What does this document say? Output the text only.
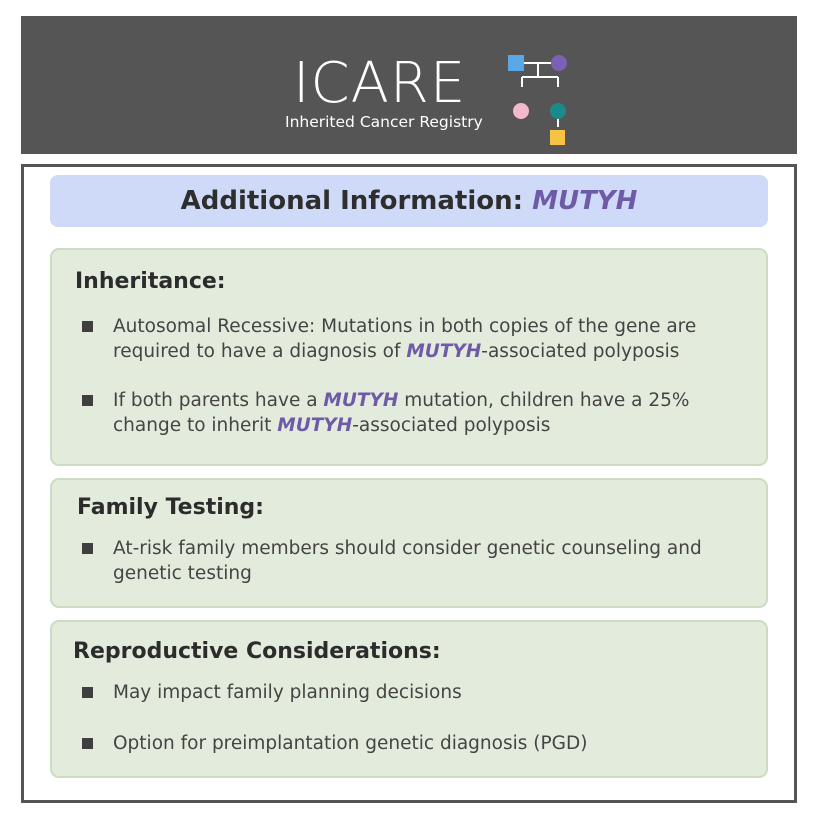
ICARE
Inherited Cancer Registry
Additional Information: MUTYH
Inheritance:
Autosomal Recessive: Mutations in both copies of the gene are
required to have a diagnosis of MUTYH-associated polyposis
If both parents have a MUTYH mutation, children have a 25%
change to inherit MUTYH-associated polyposis
Family Testing:
At-risk family members should consider genetic counseling and
genetic testing
Reproductive Considerations:
May impact family planning decisions
Option for preimplantation genetic diagnosis (PGD)
